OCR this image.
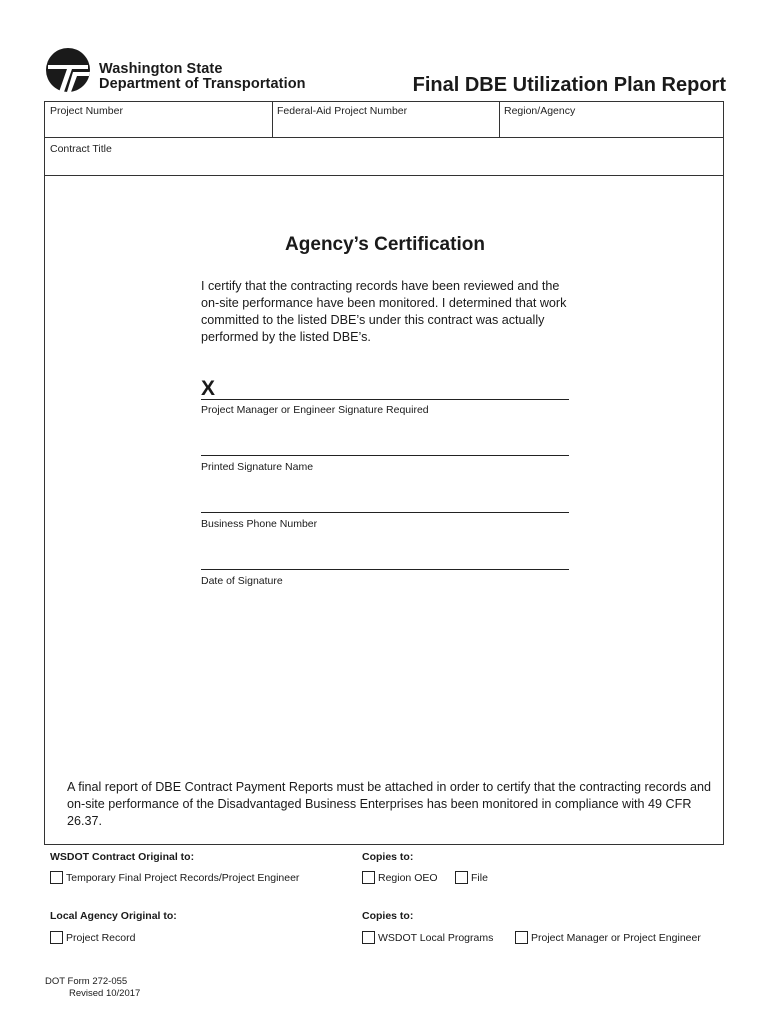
Washington State
Department of Transportation	Final DBE Utilization Plan Report
Project Number	Federal-Aid Project Number	Region/Agency
Contract Title
Agency’s Certification
I certify that the contracting records have been reviewed and the on-site performance have been monitored. I determined that work committed to the listed DBE’s under this contract was actually performed by the listed DBE’s.
X
Project Manager or Engineer Signature Required
Printed Signature Name
Business Phone Number
Date of Signature
A final report of DBE Contract Payment Reports must be attached in order to certify that the contracting records and on-site performance of the Disadvantaged Business Enterprises has been monitored in compliance with 49 CFR 26.37.
WSDOT Contract Original to:
Temporary Final Project Records/Project Engineer
Copies to:
Region OEO	File
Local Agency Original to:
Project Record
Copies to:
WSDOT Local Programs	Project Manager or Project Engineer
DOT Form 272-055
Revised 10/2017
